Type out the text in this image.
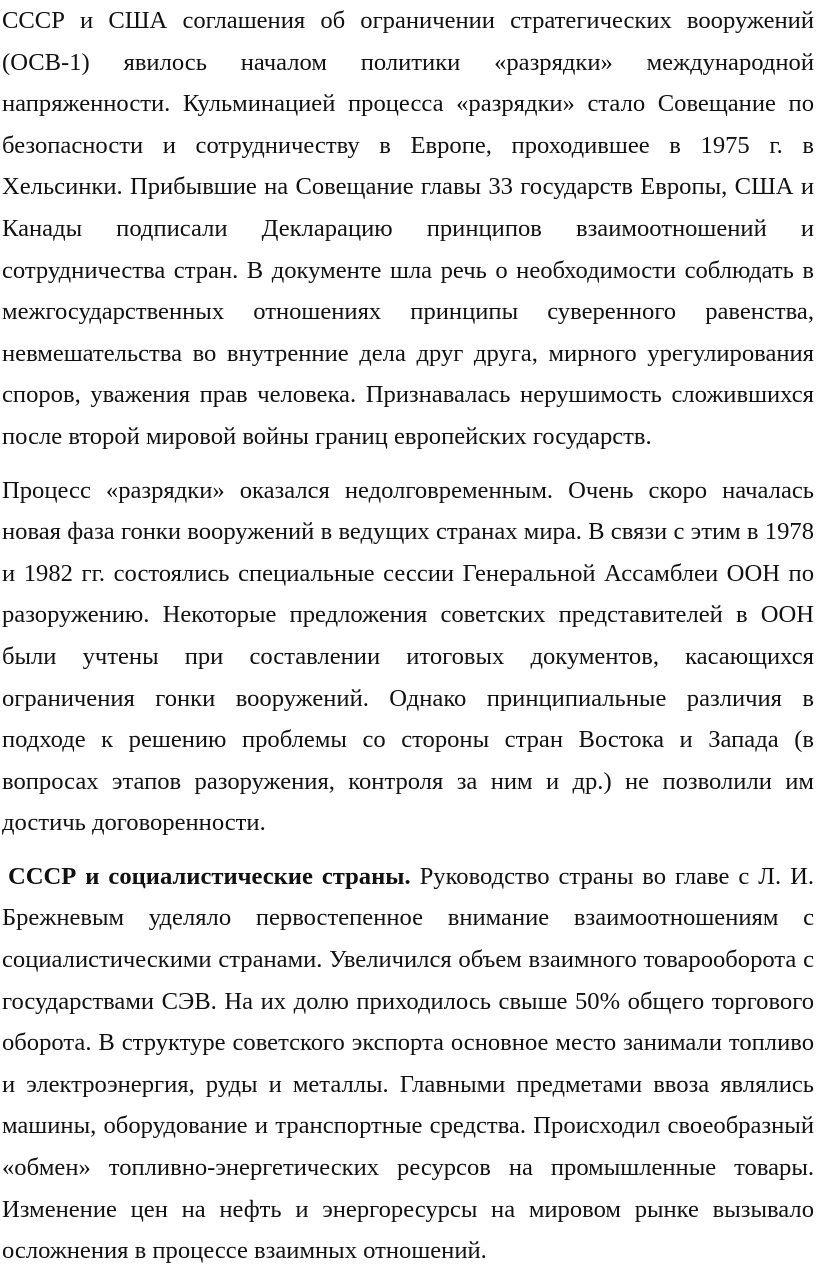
СССР и США соглашения об ограничении стратегических вооружений (ОСВ-1) явилось началом политики «разрядки» международной напряженности. Кульминацией процесса «разрядки» стало Совещание по безопасности и сотрудничеству в Европе, проходившее в 1975 г. в Хельсинки. Прибывшие на Совещание главы 33 государств Европы, США и Канады подписали Декларацию принципов взаимоотношений и сотрудничества стран. В документе шла речь о необходимости соблюдать в межгосударственных отношениях принципы суверенного равенства, невмешательства во внутренние дела друг друга, мирного урегулирования споров, уважения прав человека. Признавалась нерушимость сложившихся после второй мировой войны границ европейских государств.

Процесс «разрядки» оказался недолговременным. Очень скоро началась новая фаза гонки вооружений в ведущих странах мира. В связи с этим в 1978 и 1982 гг. состоялись специальные сессии Генеральной Ассамблеи ООН по разоружению. Некоторые предложения советских представителей в ООН были учтены при составлении итоговых документов, касающихся ограничения гонки вооружений. Однако принципиальные различия в подходе к решению проблемы со стороны стран Востока и Запада (в вопросах этапов разоружения, контроля за ним и др.) не позволили им достичь договоренности.

СССР и социалистические страны. Руководство страны во главе с Л. И. Брежневым уделяло первостепенное внимание взаимоотношениям с социалистическими странами. Увеличился объем взаимного товарооборота с государствами СЭВ. На их долю приходилось свыше 50% общего торгового оборота. В структуре советского экспорта основное место занимали топливо и электроэнергия, руды и металлы. Главными предметами ввоза являлись машины, оборудование и транспортные средства. Происходил своеобразный «обмен» топливно-энергетических ресурсов на промышленные товары. Изменение цен на нефть и энергоресурсы на мировом рынке вызывало осложнения в процессе взаимных отношений.
